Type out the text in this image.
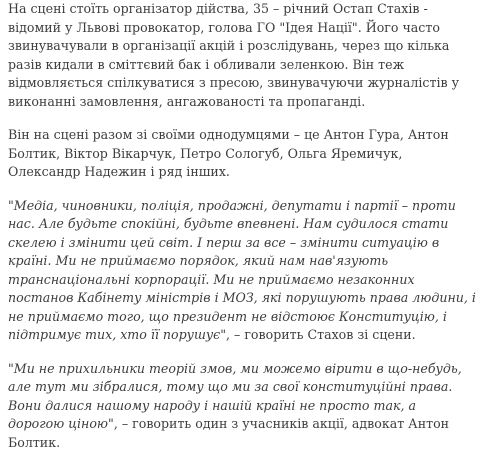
На сцені стоїть організатор дійства, 35 – річний Остап Стахів - відомий у Львові провокатор, голова ГО "Ідея Нації". Його часто звинувачували в організації акцій і розслідувань, через що кілька разів кидали в сміттєвий бак і обливали зеленкою. Він теж відмовляється спілкуватися з пресою, звинувачуючи журналістів у виконанні замовлення, ангажованості та пропаганді.

Він на сцені разом зі своїми однодумцями – це Антон Гура, Антон Болтик, Віктор Вікарчук, Петро Сологуб, Ольга Яремичук, Олександр Надежин і ряд інших.

"Медіа, чиновники, поліція, продажні, депутати і партії – проти нас. Але будьте спокійні, будьте впевнені. Нам судилося стати скелею і змінити цей світ. І перш за все – змінити ситуацію в країні. Ми не приймаємо порядок, який нам нав'язують транснаціональні корпорації. Ми не приймаємо незаконних постанов Кабінету міністрів і МОЗ, які порушують права людини, і не приймаємо того, що президент не відстоює Конституцію, і підтримує тих, хто її порушує", – говорить Стахов зі сцени.

"Ми не прихильники теорій змов, ми можемо вірити в що-небудь, але тут ми зібралися, тому що ми за свої конституційні права. Вони далися нашому народу і нашій країні не просто так, а дорогою ціною", – говорить один з учасників акції, адвокат Антон Болтик.
